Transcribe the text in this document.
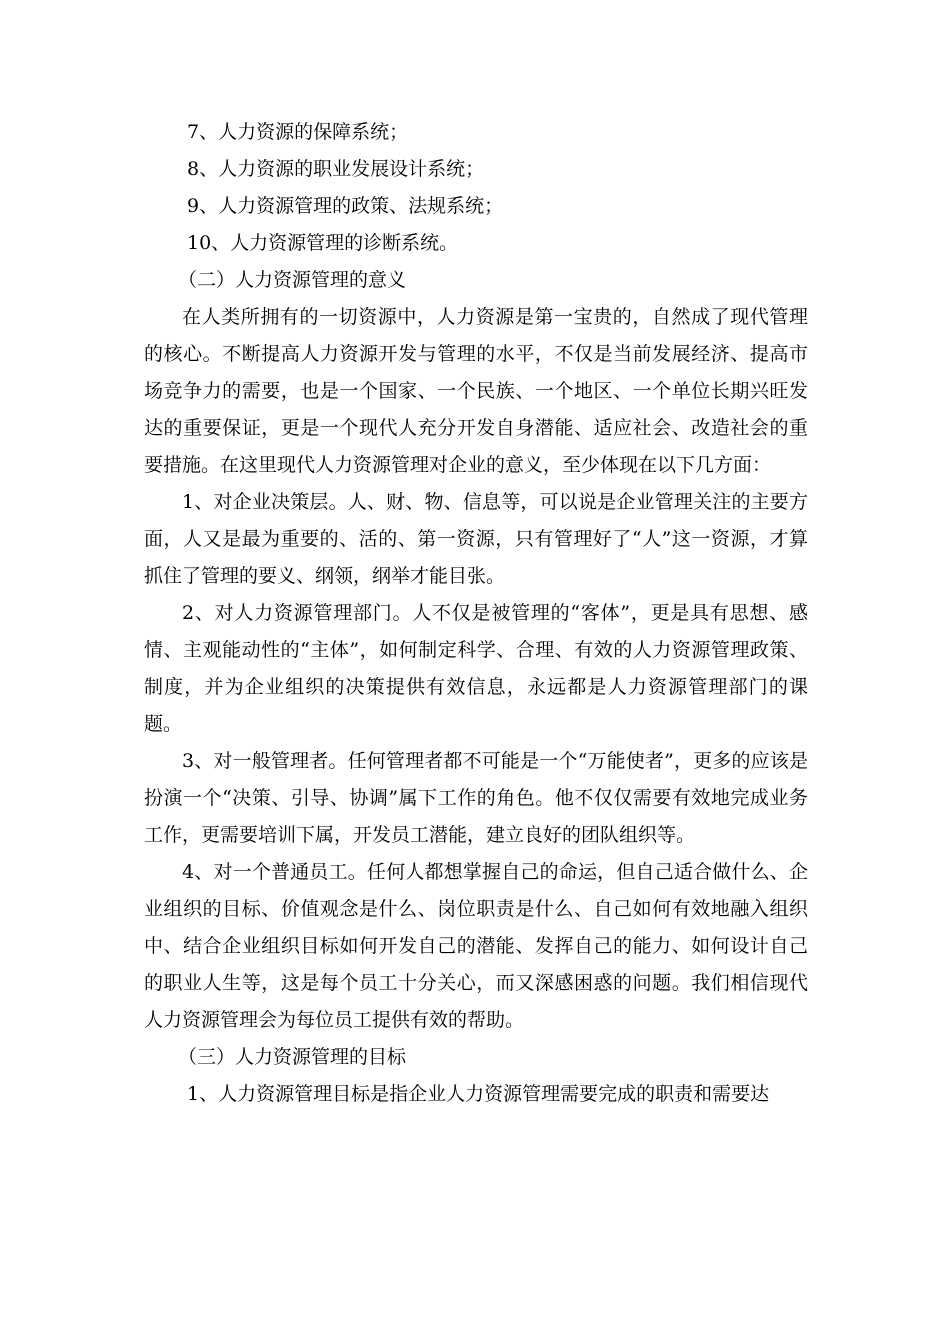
7、人力资源的保障系统；

8、人力资源的职业发展设计系统；

9、人力资源管理的政策、法规系统；

10、人力资源管理的诊断系统。

（二）人力资源管理的意义

在人类所拥有的一切资源中，人力资源是第一宝贵的，自然成了现代管理的核心。不断提高人力资源开发与管理的水平，不仅是当前发展经济、提高市场竞争力的需要，也是一个国家、一个民族、一个地区、一个单位长期兴旺发达的重要保证，更是一个现代人充分开发自身潜能、适应社会、改造社会的重要措施。在这里现代人力资源管理对企业的意义，至少体现在以下几方面：

1、对企业决策层。人、财、物、信息等，可以说是企业管理关注的主要方面，人又是最为重要的、活的、第一资源，只有管理好了“人”这一资源，才算抓住了管理的要义、纲领，纲举才能目张。

2、对人力资源管理部门。人不仅是被管理的“客体”，更是具有思想、感情、主观能动性的“主体”，如何制定科学、合理、有效的人力资源管理政策、制度，并为企业组织的决策提供有效信息，永远都是人力资源管理部门的课题。

3、对一般管理者。任何管理者都不可能是一个“万能使者”，更多的应该是扮演一个“决策、引导、协调”属下工作的角色。他不仅仅需要有效地完成业务工作，更需要培训下属，开发员工潜能，建立良好的团队组织等。

4、对一个普通员工。任何人都想掌握自己的命运，但自己适合做什么、企业组织的目标、价值观念是什么、岗位职责是什么、自己如何有效地融入组织中、结合企业组织目标如何开发自己的潜能、发挥自己的能力、如何设计自己的职业人生等，这是每个员工十分关心，而又深感困惑的问题。我们相信现代人力资源管理会为每位员工提供有效的帮助。

（三）人力资源管理的目标

1、人力资源管理目标是指企业人力资源管理需要完成的职责和需要达
